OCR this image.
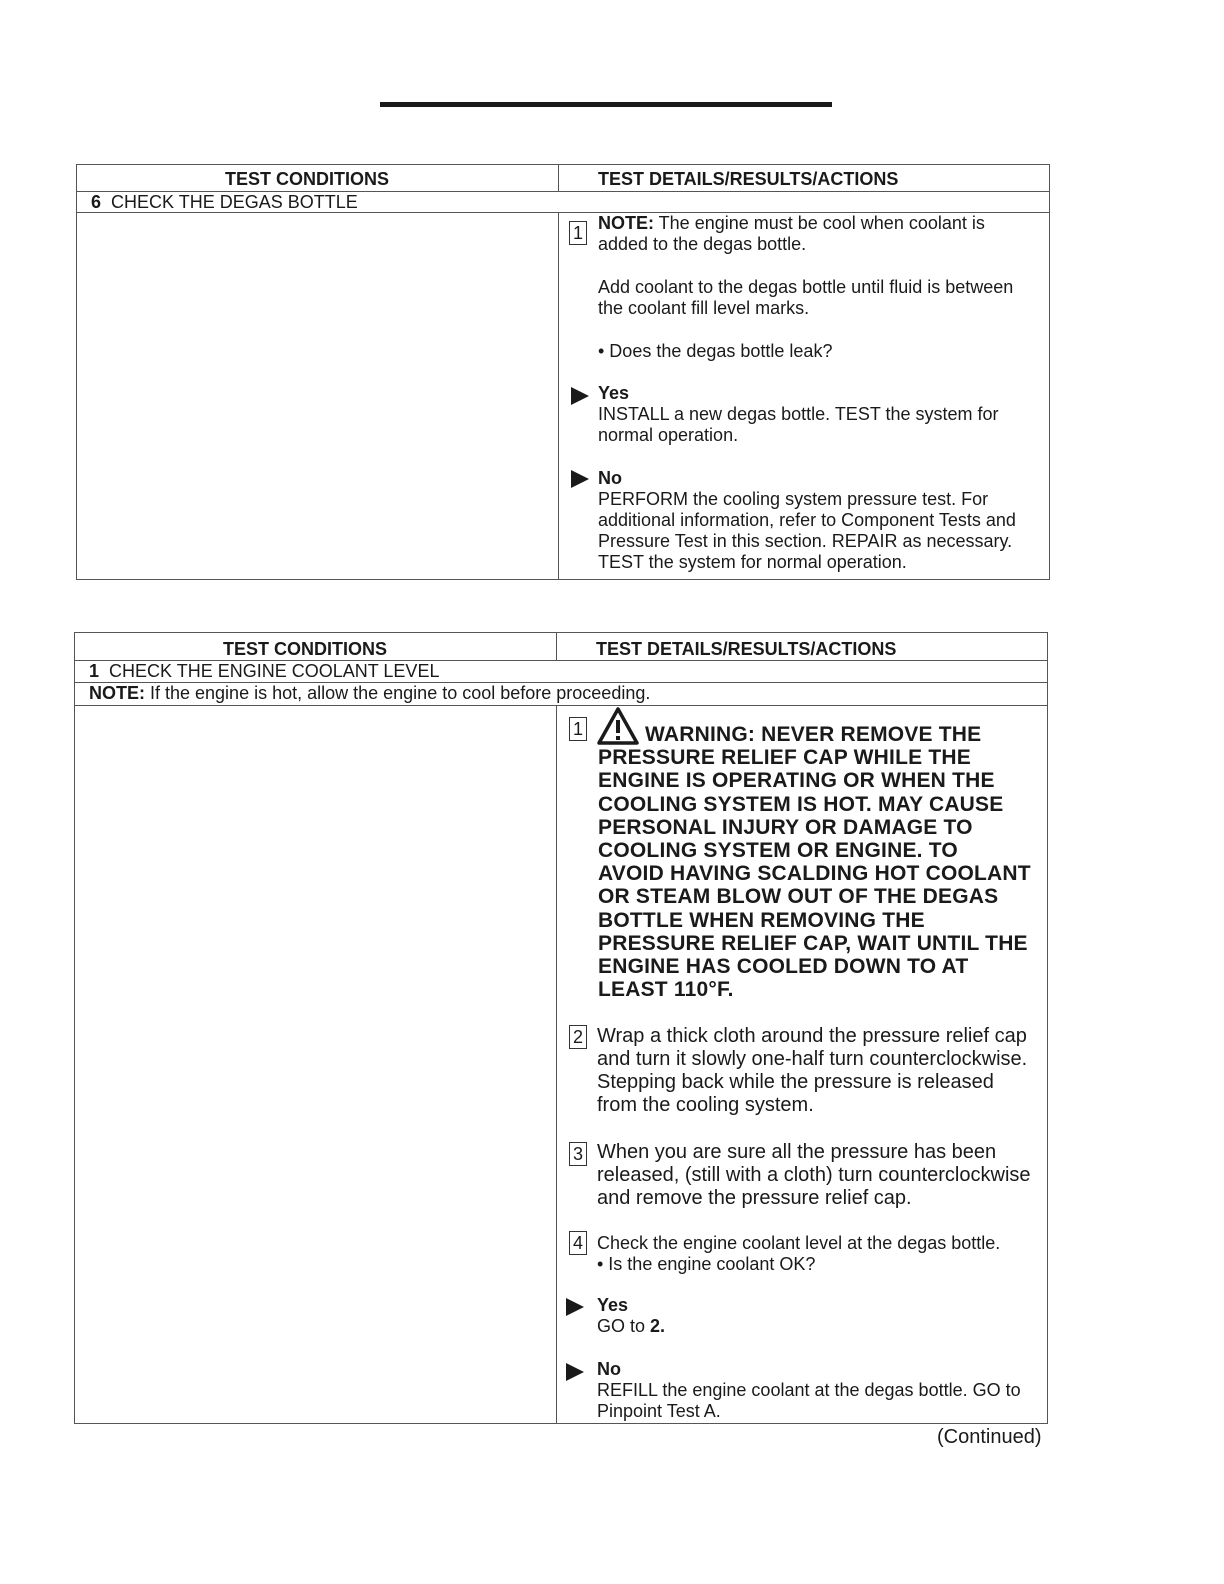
TEST CONDITIONS	TEST DETAILS/RESULTS/ACTIONS
6 CHECK THE DEGAS BOTTLE
1 NOTE: The engine must be cool when coolant is
added to the degas bottle.
Add coolant to the degas bottle until fluid is between
the coolant fill level marks.
• Does the degas bottle leak?
Yes
INSTALL a new degas bottle. TEST the system for
normal operation.
No
PERFORM the cooling system pressure test. For
additional information, refer to Component Tests and
Pressure Test in this section. REPAIR as necessary.
TEST the system for normal operation.
TEST CONDITIONS	TEST DETAILS/RESULTS/ACTIONS
1 CHECK THE ENGINE COOLANT LEVEL
NOTE: If the engine is hot, allow the engine to cool before proceeding.
1	WARNING: NEVER REMOVE THE
PRESSURE RELIEF CAP WHILE THE
ENGINE IS OPERATING OR WHEN THE
COOLING SYSTEM IS HOT. MAY CAUSE
PERSONAL INJURY OR DAMAGE TO
COOLING SYSTEM OR ENGINE. TO
AVOID HAVING SCALDING HOT COOLANT
OR STEAM BLOW OUT OF THE DEGAS
BOTTLE WHEN REMOVING THE
PRESSURE RELIEF CAP, WAIT UNTIL THE
ENGINE HAS COOLED DOWN TO AT
LEAST 110°F.
2 Wrap a thick cloth around the pressure relief cap
and turn it slowly one-half turn counterclockwise.
Stepping back while the pressure is released
from the cooling system.
3 When you are sure all the pressure has been
released, (still with a cloth) turn counterclockwise
and remove the pressure relief cap.
4 Check the engine coolant level at the degas bottle.
• Is the engine coolant OK?
Yes
GO to 2.
No
REFILL the engine coolant at the degas bottle. GO to
Pinpoint Test A.
(Continued)
